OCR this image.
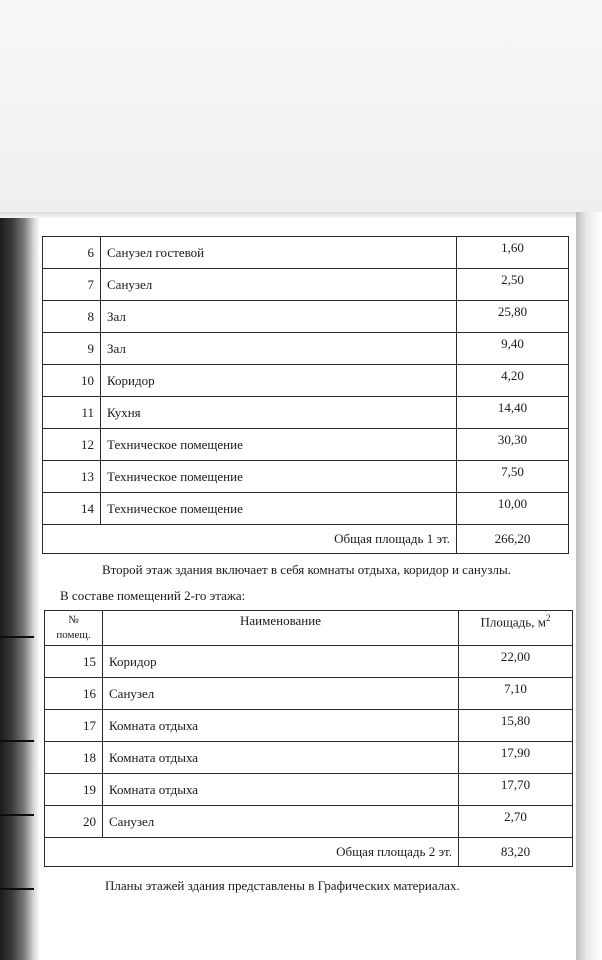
6	Санузел гостевой	1,60
7	Санузел	2,50
8	Зал	25,80
9	Зал	9,40
10	Коридор	4,20
11	Кухня	14,40
12	Техническое помещение	30,30
13	Техническое помещение	7,50
14	Техническое помещение	10,00
Общая площадь 1 эт.		266,20
Второй этаж здания включает в себя комнаты отдыха, коридор и санузлы.
В составе помещений 2-го этажа:
№
помещ.	Наименование	Площадь, $м^2$
15	Коридор	22,00
16	Санузел	7,10
17	Комната отдыха	15,80
18	Комната отдыха	17,90
19	Комната отдыха	17,70
20	Санузел	2,70
Общая площадь 2 эт.		83,20
Планы этажей здания представлены в Графических материалах.
